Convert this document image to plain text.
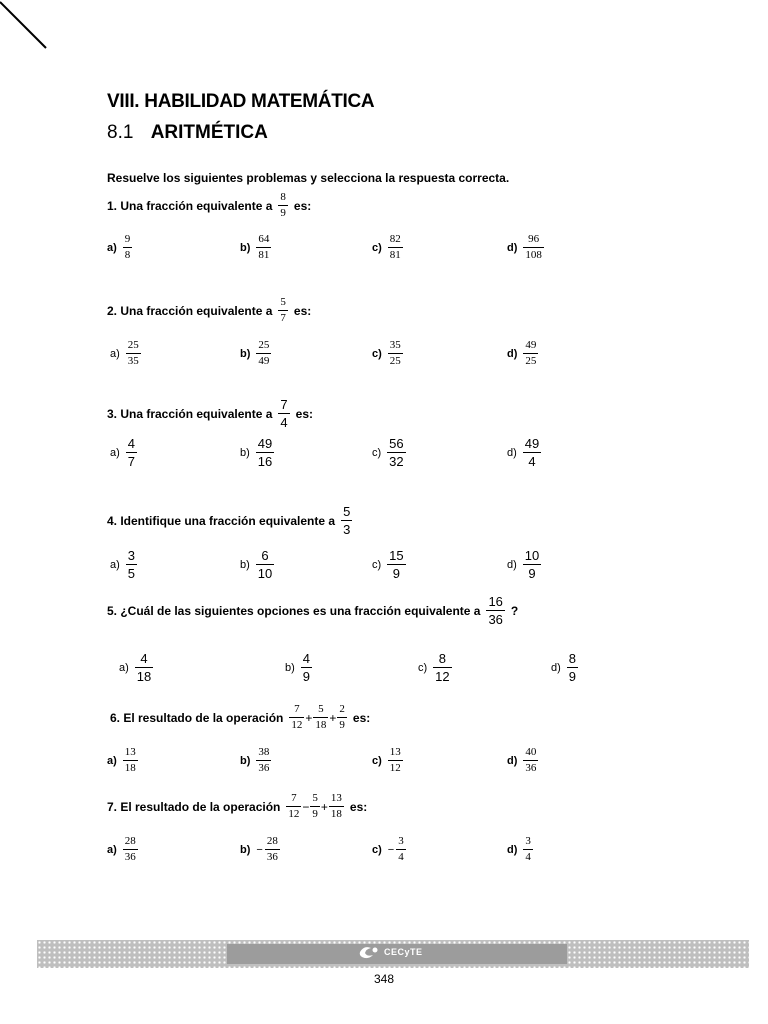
VIII. HABILIDAD MATEMÁTICA
8.1 ARITMÉTICA
Resuelve los siguientes problemas y selecciona la respuesta correcta.
1. Una fracción equivalente a $\frac{8}{9}$ es:
$a) \frac{9}{8}$	$b) \frac{64}{81}$	$c) \frac{82}{81}$	$d) \frac{96}{108}$
2. Una fracción equivalente a $\frac{5}{7}$ es:
$a) \frac{25}{35}$	$b) \frac{25}{49}$	$c) \frac{35}{25}$	$d) \frac{49}{25}$
3. Una fracción equivalente a $\frac{7}{4}$ es:
$a) \frac{4}{7}$	$b) \frac{49}{16}$	$c) \frac{56}{32}$	$d) \frac{49}{4}$
4. Identifique una fracción equivalente a $\frac{5}{3}$
$a) \frac{3}{5}$	$b) \frac{6}{10}$	$c) \frac{15}{9}$	$d) \frac{10}{9}$
5. ¿Cuál de las siguientes opciones es una fracción equivalente a $\frac{16}{36}$ ?
$a) \frac{4}{18}$	$b) \frac{4}{9}$	$c) \frac{8}{12}$	$d) \frac{8}{9}$
6. El resultado de la operación $\frac{7}{12} + \frac{5}{18} + \frac{2}{9}$ es:
$a) \frac{13}{18}$	$b) \frac{38}{36}$	$c) \frac{13}{12}$	$d) \frac{40}{36}$
7. El resultado de la operación $\frac{7}{12} - \frac{5}{9} + \frac{13}{18}$ es:
$a) \frac{28}{36}$	$b) - \frac{28}{36}$	$c) - \frac{3}{4}$	$d) \frac{3}{4}$
CECyTE
348
